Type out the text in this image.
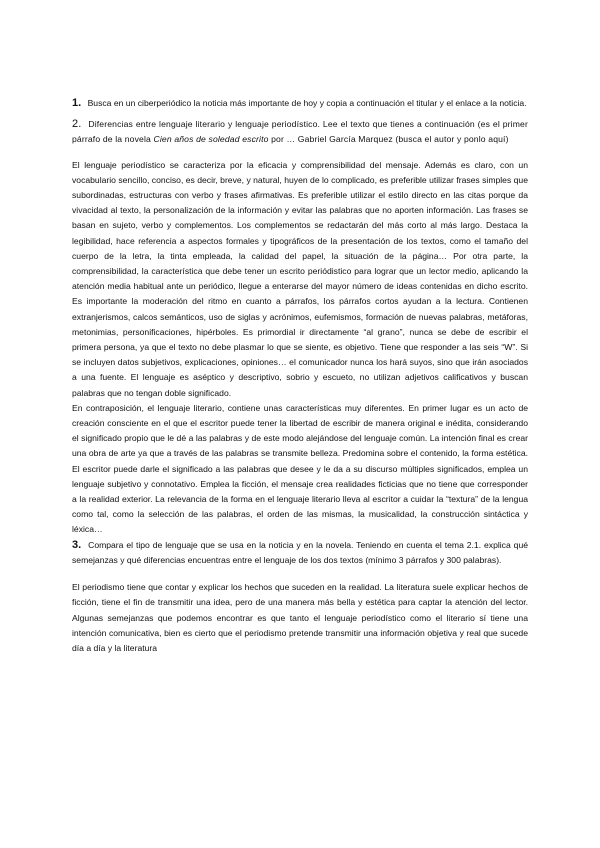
1. Busca en un ciberperiódico la noticia más importante de hoy y copia a continuación el titular y el enlace a la noticia.

2. Diferencias entre lenguaje literario y lenguaje periodístico. Lee el texto que tienes a continuación (es el primer párrafo de la novela Cien años de soledad escrito por … Gabriel García Marquez (busca el autor y ponlo aquí)

El lenguaje periodístico se caracteriza por la eficacia y comprensibilidad del mensaje. Además es claro, con un vocabulario sencillo, conciso, es decir, breve, y natural, huyen de lo complicado, es preferible utilizar frases simples que subordinadas, estructuras con verbo y frases afirmativas. Es preferible utilizar el estilo directo en las citas porque da vivacidad al texto, la personalización de la información y evitar las palabras que no aporten información. Las frases se basan en sujeto, verbo y complementos. Los complementos se redactarán del más corto al más largo. Destaca la legibilidad, hace referencia a aspectos formales y tipográficos de la presentación de los textos, como el tamaño del cuerpo de la letra, la tinta empleada, la calidad del papel, la situación de la página… Por otra parte, la comprensibilidad, la característica que debe tener un escrito periódistico para lograr que un lector medio, aplicando la atención media habitual ante un periódico, llegue a enterarse del mayor número de ideas contenidas en dicho escrito. Es importante la moderación del ritmo en cuanto a párrafos, los párrafos cortos ayudan a la lectura. Contienen extranjerismos, calcos semánticos, uso de siglas y acrónimos, eufemismos, formación de nuevas palabras, metáforas, metonimias, personificaciones, hipérboles. Es primordial ir directamente “al grano”, nunca se debe de escribir el primera persona, ya que el texto no debe plasmar lo que se siente, es objetivo. Tiene que responder a las seis “W”. Si se incluyen datos subjetivos, explicaciones, opiniones… el comunicador nunca los hará suyos, sino que irán asociados a una fuente. El lenguaje es aséptico y descriptivo, sobrio y escueto, no utilizan adjetivos calificativos y buscan palabras que no tengan doble significado.

En contraposición, el lenguaje literario, contiene unas características muy diferentes. En primer lugar es un acto de creación consciente en el que el escritor puede tener la libertad de escribir de manera original e inédita, considerando el significado propio que le dé a las palabras y de este modo alejándose del lenguaje común. La intención final es crear una obra de arte ya que a través de las palabras se transmite belleza. Predomina sobre el contenido, la forma estética. El escritor puede darle el significado a las palabras que desee y le da a su discurso múltiples significados, emplea un lenguaje subjetivo y connotativo. Emplea la ficción, el mensaje crea realidades ficticias que no tiene que corresponder a la realidad exterior. La relevancia de la forma en el lenguaje literario lleva al escritor a cuidar la “textura” de la lengua como tal, como la selección de las palabras, el orden de las mismas, la musicalidad, la construcción sintáctica y léxica…

3. Compara el tipo de lenguaje que se usa en la noticia y en la novela. Teniendo en cuenta el tema 2.1. explica qué semejanzas y qué diferencias encuentras entre el lenguaje de los dos textos (mínimo 3 párrafos y 300 palabras).

El periodismo tiene que contar y explicar los hechos que suceden en la realidad. La literatura suele explicar hechos de ficción, tiene el fin de transmitir una idea, pero de una manera más bella y estética para captar la atención del lector. Algunas semejanzas que podemos encontrar es que tanto el lenguaje periodístico como el literario sí tiene una intención comunicativa, bien es cierto que el periodismo pretende transmitir una información objetiva y real que sucede día a día y la literatura
